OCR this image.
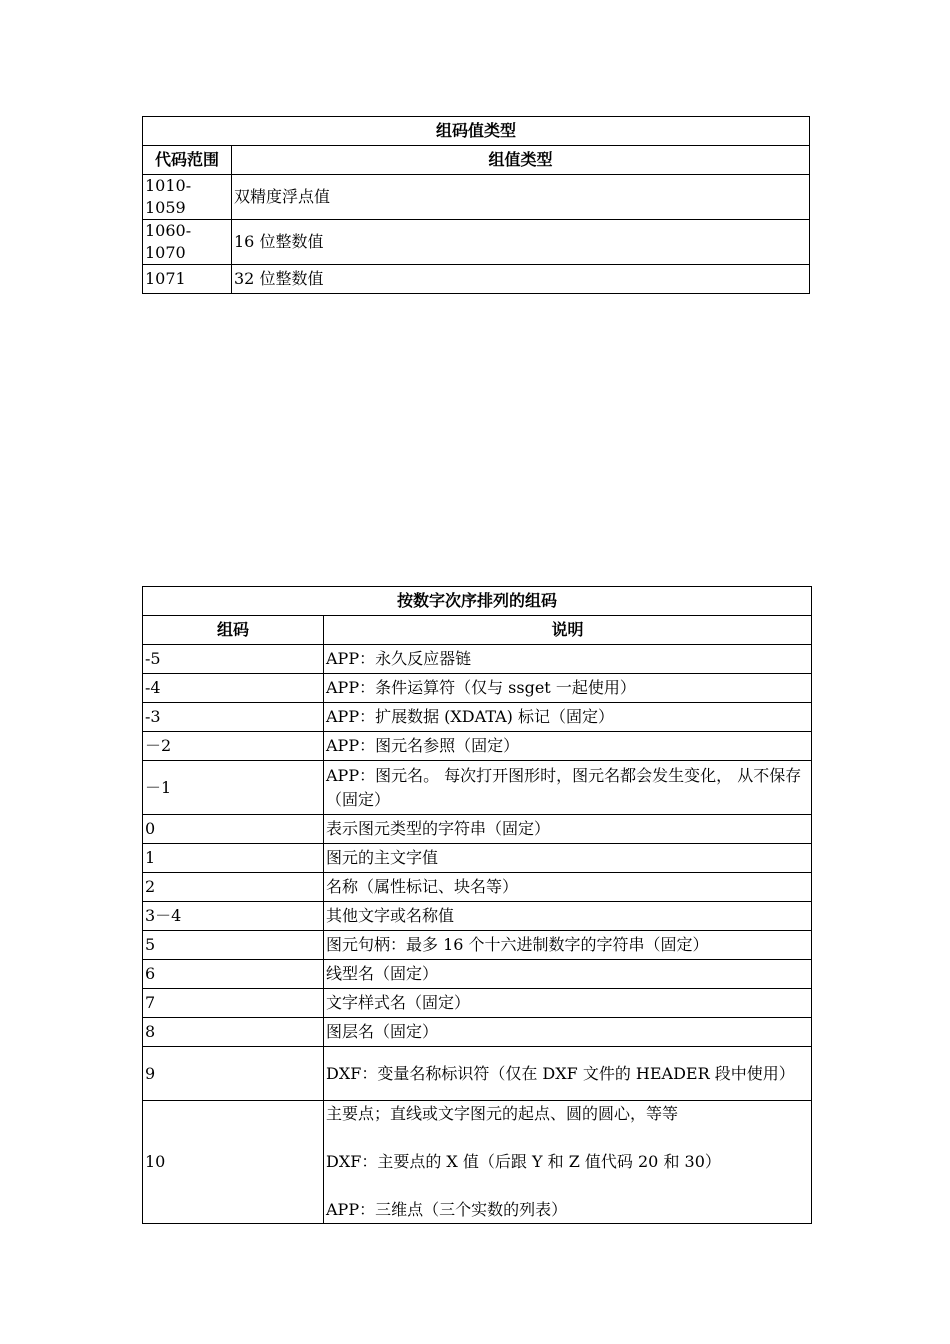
组码值类型	
代码范围	组值类型
1010-1059	双精度浮点值
1060-1070	16 位整数值
1071	32 位整数值
按数字次序排列的组码	
组码	说明
-5	APP：永久反应器链
-4	APP：条件运算符（仅与 ssget 一起使用）
-3	APP：扩展数据 (XDATA) 标记（固定）
－2	APP：图元名参照（固定）
－1	APP：图元名。 每次打开图形时，图元名都会发生变化， 从不保存（固定）
0	表示图元类型的字符串（固定）
1	图元的主文字值
2	名称（属性标记、块名等）
3－4	其他文字或名称值
5	图元句柄：最多 16 个十六进制数字的字符串（固定）
6	线型名（固定）
7	文字样式名（固定）
8	图层名（固定）
9	DXF：变量名称标识符（仅在 DXF 文件的 HEADER 段中使用）
10	主要点；直线或文字图元的起点、圆的圆心，等等
DXF：主要点的 X 值（后跟 Y 和 Z 值代码 20 和 30）
APP：三维点（三个实数的列表）
